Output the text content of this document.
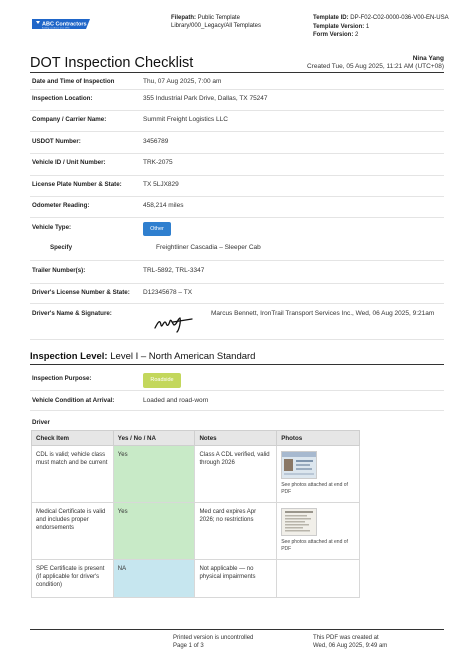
ABC Contractors
Building excellence since 1994
Filepath: Public Template Library/000_Legacy/All Templates
Template ID: DP-F02-C02-0000-036-V00-EN-USA
Template Version: 1
Form Version: 2
DOT Inspection Checklist	Nina Yang
Created Tue, 05 Aug 2025, 11:21 AM (UTC+08)
Date and Time of Inspection	Thu, 07 Aug 2025, 7:00 am
Inspection Location:	355 Industrial Park Drive, Dallas, TX 75247
Company / Carrier Name:	Summit Freight Logistics LLC
USDOT Number:	3456789
Vehicle ID / Unit Number:	TRK-2075
License Plate Number & State:	TX 5LJX829
Odometer Reading:	458,214 miles
Vehicle Type:	Other
Specify	Freightliner Cascadia – Sleeper Cab
Trailer Number(s):	TRL-5892, TRL-3347
Driver's License Number & State: D12345678 – TX
Driver's Name & Signature:	Marcus Bennett, IronTrail Transport Services Inc., Wed, 06 Aug 2025, 9:21am
Inspection Level: Level I – North American Standard
Inspection Purpose:	Roadside
Vehicle Condition at Arrival:	Loaded and road-worn
Driver
Check Item	Yes / No / NA	Notes	Photos
CDL is valid; vehicle class must match and be current	Yes	Class A CDL verified, valid through 2026	See photos attached at end of PDF

Medical Certificate is valid and includes proper endorsements	Yes	Med card expires Apr 2026; no restrictions	See photos attached at end of PDF

SPE Certificate is present (if applicable for driver's condition)	NA	Not applicable — no physical impairments	
Printed version is uncontrolled
Page 1 of 3
This PDF was created at
Wed, 06 Aug 2025, 9:49 am
